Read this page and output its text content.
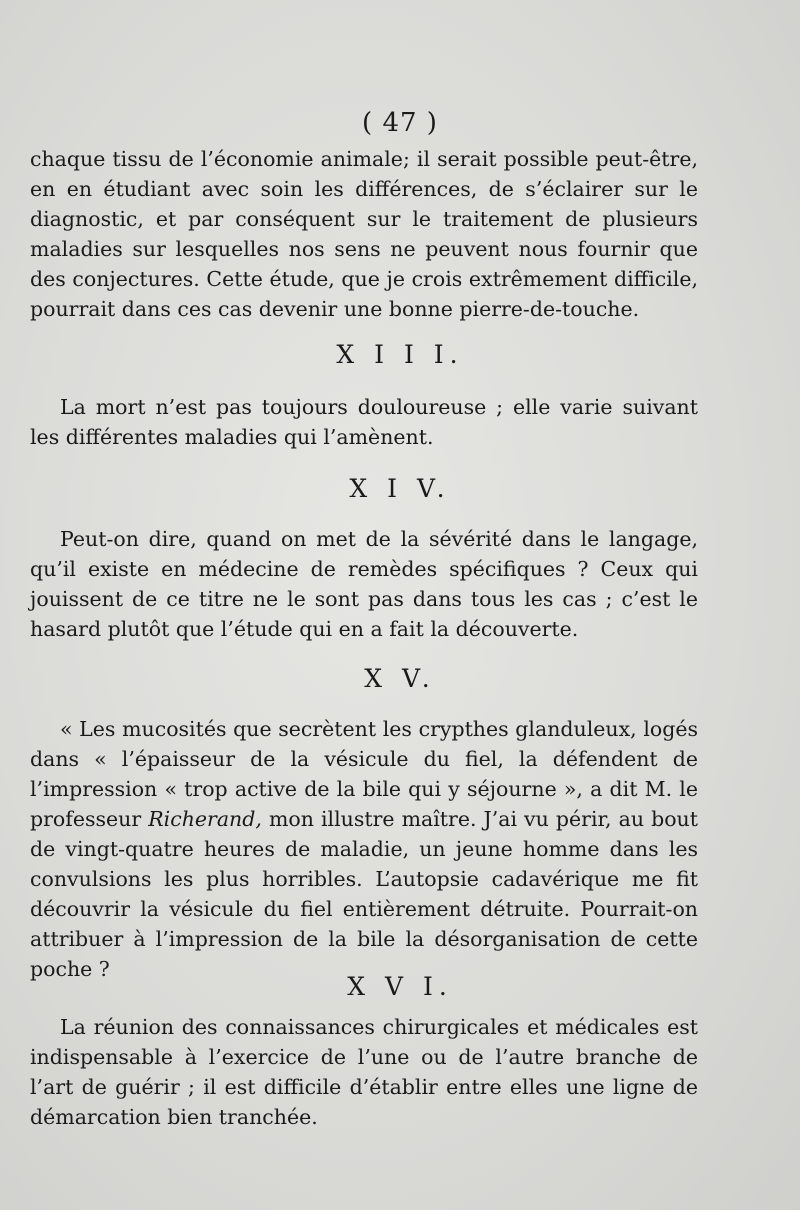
( 47 )

chaque tissu de l’économie animale; il serait possible peut-être, en en étudiant avec soin les différences, de s’éclairer sur le diagnostic, et par conséquent sur le traitement de plusieurs maladies sur lesquelles nos sens ne peuvent nous fournir que des conjectures. Cette étude, que je crois extrêmement difficile, pourrait dans ces cas devenir une bonne pierre-de-touche.

X I I I.

La mort n’est pas toujours douloureuse ; elle varie suivant les différentes maladies qui l’amènent.

X I V.

Peut-on dire, quand on met de la sévérité dans le langage, qu’il existe en médecine de remèdes spécifiques ? Ceux qui jouissent de ce titre ne le sont pas dans tous les cas ; c’est le hasard plutôt que l’étude qui en a fait la découverte.

X V.

« Les mucosités que secrètent les crypthes glanduleux, logés dans « l’épaisseur de la vésicule du fiel, la défendent de l’impression « trop active de la bile qui y séjourne », a dit M. le professeur Richerand, mon illustre maître. J’ai vu périr, au bout de vingt-quatre heures de maladie, un jeune homme dans les convulsions les plus horribles. L’autopsie cadavérique me fit découvrir la vésicule du fiel entièrement détruite. Pourrait-on attribuer à l’impression de la bile la désorganisation de cette poche ?

X V I.

La réunion des connaissances chirurgicales et médicales est indispensable à l’exercice de l’une ou de l’autre branche de l’art de guérir ; il est difficile d’établir entre elles une ligne de démarcation bien tranchée.
